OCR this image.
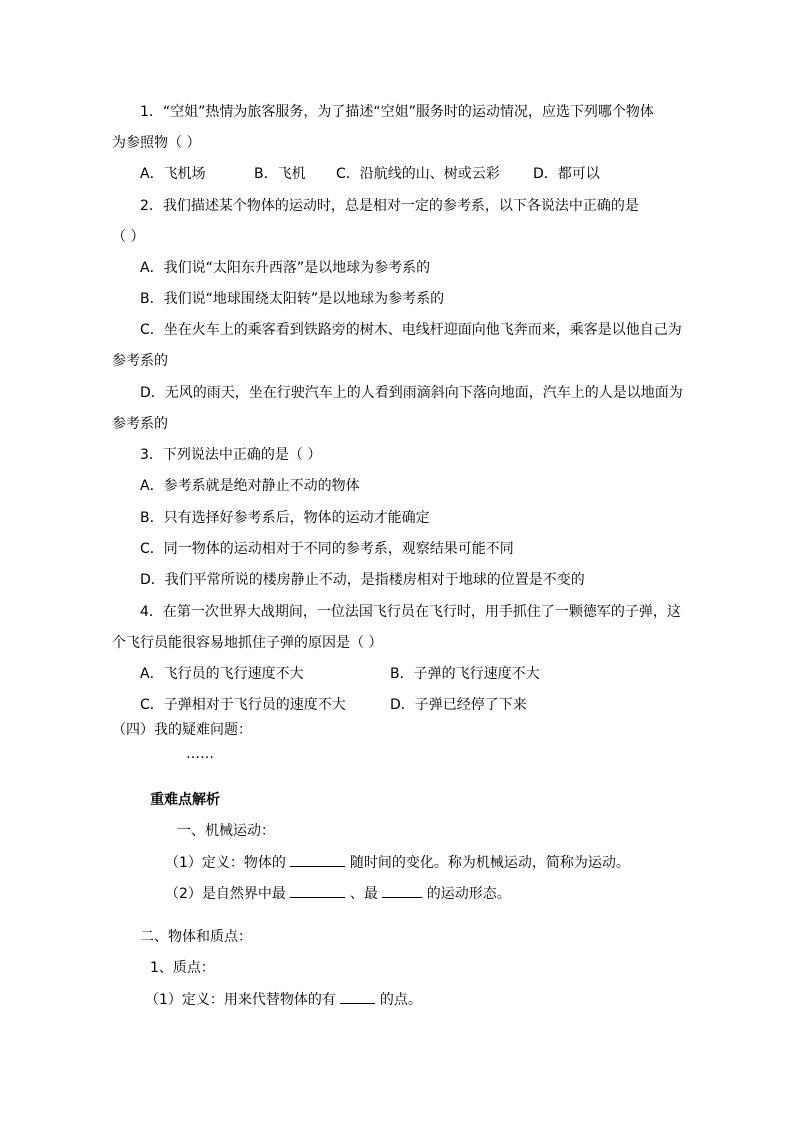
1．“空姐”热情为旅客服务，为了描述“空姐”服务时的运动情况，应选下列哪个物体
为参照物（ ）
A．飞机场	B．飞机 C．沿航线的山、树或云彩 D．都可以
2．我们描述某个物体的运动时，总是相对一定的参考系，以下各说法中正确的是
（ ）
A．我们说“太阳东升西落”是以地球为参考系的
B．我们说“地球围绕太阳转”是以地球为参考系的
C．坐在火车上的乘客看到铁路旁的树木、电线杆迎面向他飞奔而来，乘客是以他自己为
参考系的
D．无风的雨天，坐在行驶汽车上的人看到雨滴斜向下落向地面，汽车上的人是以地面为
参考系的
3．下列说法中正确的是（ ）
A．参考系就是绝对静止不动的物体
B．只有选择好参考系后，物体的运动才能确定
C．同一物体的运动相对于不同的参考系，观察结果可能不同
D．我们平常所说的楼房静止不动，是指楼房相对于地球的位置是不变的
4．在第一次世界大战期间，一位法国飞行员在飞行时，用手抓住了一颗德军的子弹，这
个飞行员能很容易地抓住子弹的原因是（ ）
A．飞行员的飞行速度不大	B．子弹的飞行速度不大
C．子弹相对于飞行员的速度不大	D．子弹已经停了下来
（四）我的疑难问题：
……
重难点解析
一、机械运动：
（1）定义：物体的	随时间的变化。称为机械运动，简称为运动。
（2）是自然界中最	、最	的运动形态。
二、物体和质点：
1、质点：
（1）定义：用来代替物体的有	的点。
